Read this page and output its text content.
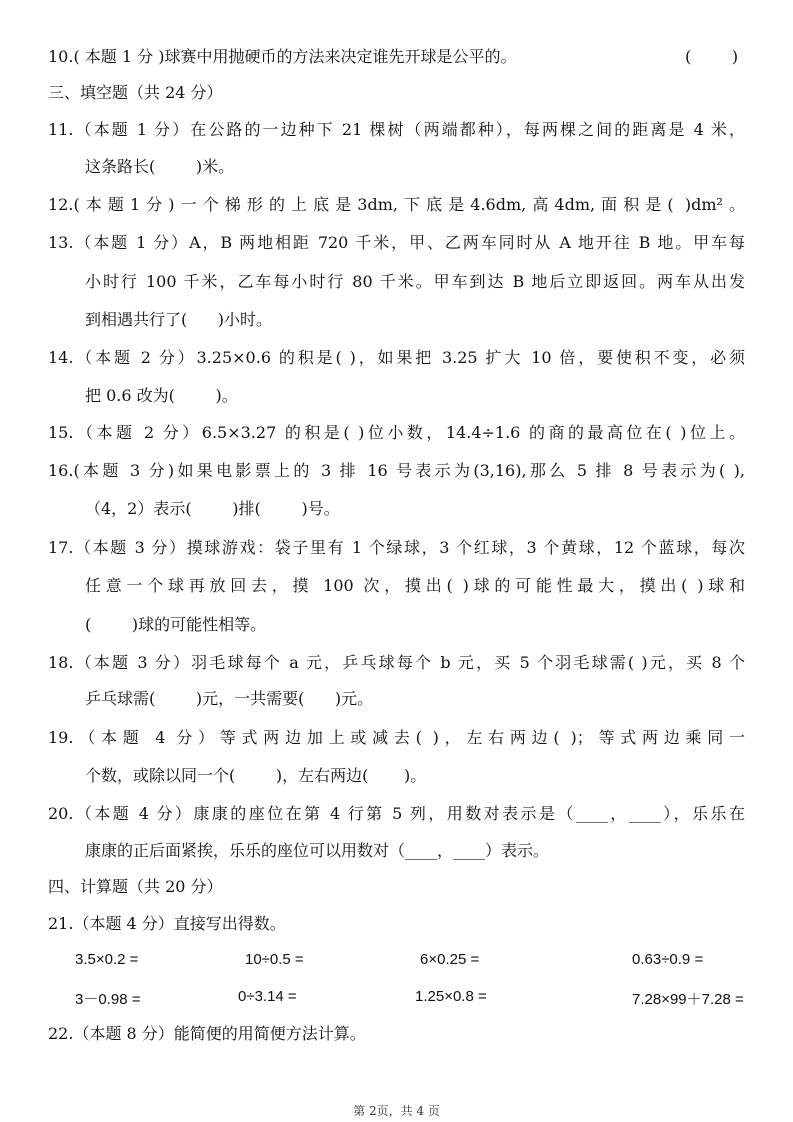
10.( 本题 1 分 )球赛中用抛硬币的方法来决定谁先开球是公平的。	(        )
三、填空题（共 24 分）
11.（本题 1 分）在公路的一边种下 21 棵树（两端都种），每两棵之间的距离是 4 米，
这条路长(        )米。
12.(本题1分)一个梯形的上底是3dm,下底是4.6dm,高4dm,面积是( )dm²。
13.（本题 1 分）A，B 两地相距 720 千米，甲、乙两车同时从 A 地开往 B 地。甲车每
小时行 100 千米，乙车每小时行 80 千米。甲车到达 B 地后立即返回。两车从出发
到相遇共行了(      )小时。
14.（本题 2 分）3.25×0.6 的积是( )，如果把 3.25 扩大 10 倍，要使积不变，必须
把 0.6 改为(        )。
15.（本题 2 分）6.5×3.27 的积是( )位小数，14.4÷1.6 的商的最高位在( )位上。
16.(本题 3 分)如果电影票上的 3 排 16 号表示为(3,16),那么 5 排 8 号表示为( ),
（4，2）表示(        )排(        )号。
17.（本题 3 分）摸球游戏：袋子里有 1 个绿球，3 个红球，3 个黄球，12 个蓝球，每次
任意一个球再放回去，摸 100 次，摸出( )球的可能性最大，摸出( )球和
(        )球的可能性相等。
18.（本题 3 分）羽毛球每个 a 元，乒乓球每个 b 元，买 5 个羽毛球需( )元，买 8 个
乒乓球需(        )元，一共需要(      )元。
19.（本题 4 分）等式两边加上或减去( )，左右两边( )；等式两边乘同一
个数，或除以同一个(        )，左右两边(       )。
20.（本题 4 分）康康的座位在第 4 行第 5 列，用数对表示是（____，____），乐乐在
康康的正后面紧挨，乐乐的座位可以用数对（____，____）表示。
四、计算题（共 20 分）
21.（本题 4 分）直接写出得数。
3.5×0.2 =	10÷0.5 =	6×0.25 =	0.63÷0.9 =
3－0.98 =	0÷3.14 =	1.25×0.8 =	7.28×99＋7.28 =
22.（本题 8 分）能简便的用简便方法计算。
第 2页，共 4 页
